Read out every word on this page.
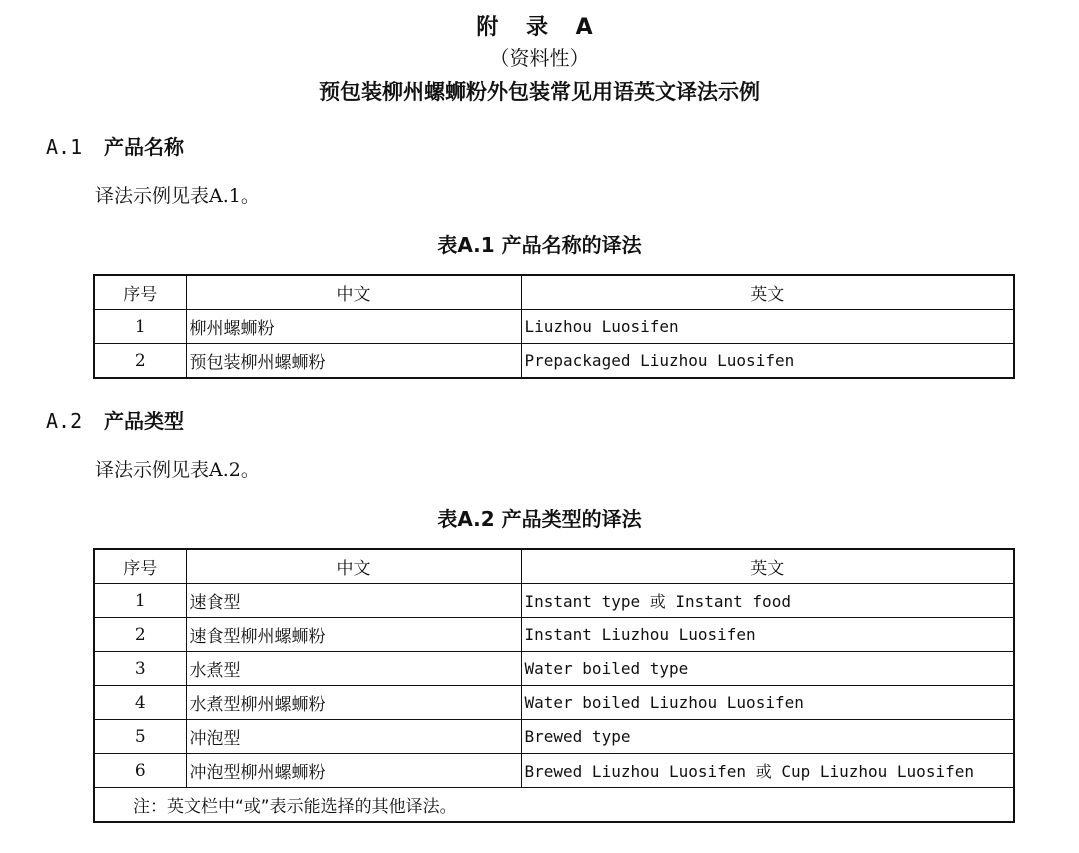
附 录 A
（资料性）
预包装柳州螺蛳粉外包装常见用语英文译法示例
A.1 产品名称
译法示例见表A.1。
表A.1 产品名称的译法
序号	中文	英文
1	柳州螺蛳粉	Liuzhou Luosifen
2	预包装柳州螺蛳粉	Prepackaged Liuzhou Luosifen
A.2 产品类型
译法示例见表A.2。
表A.2 产品类型的译法
序号	中文	英文
1	速食型	Instant type 或 Instant food
2	速食型柳州螺蛳粉	Instant Liuzhou Luosifen
3	水煮型	Water boiled type
4	水煮型柳州螺蛳粉	Water boiled Liuzhou Luosifen
5	冲泡型	Brewed type
6	冲泡型柳州螺蛳粉	Brewed Liuzhou Luosifen 或 Cup Liuzhou Luosifen
注：英文栏中“或”表示能选择的其他译法。		
